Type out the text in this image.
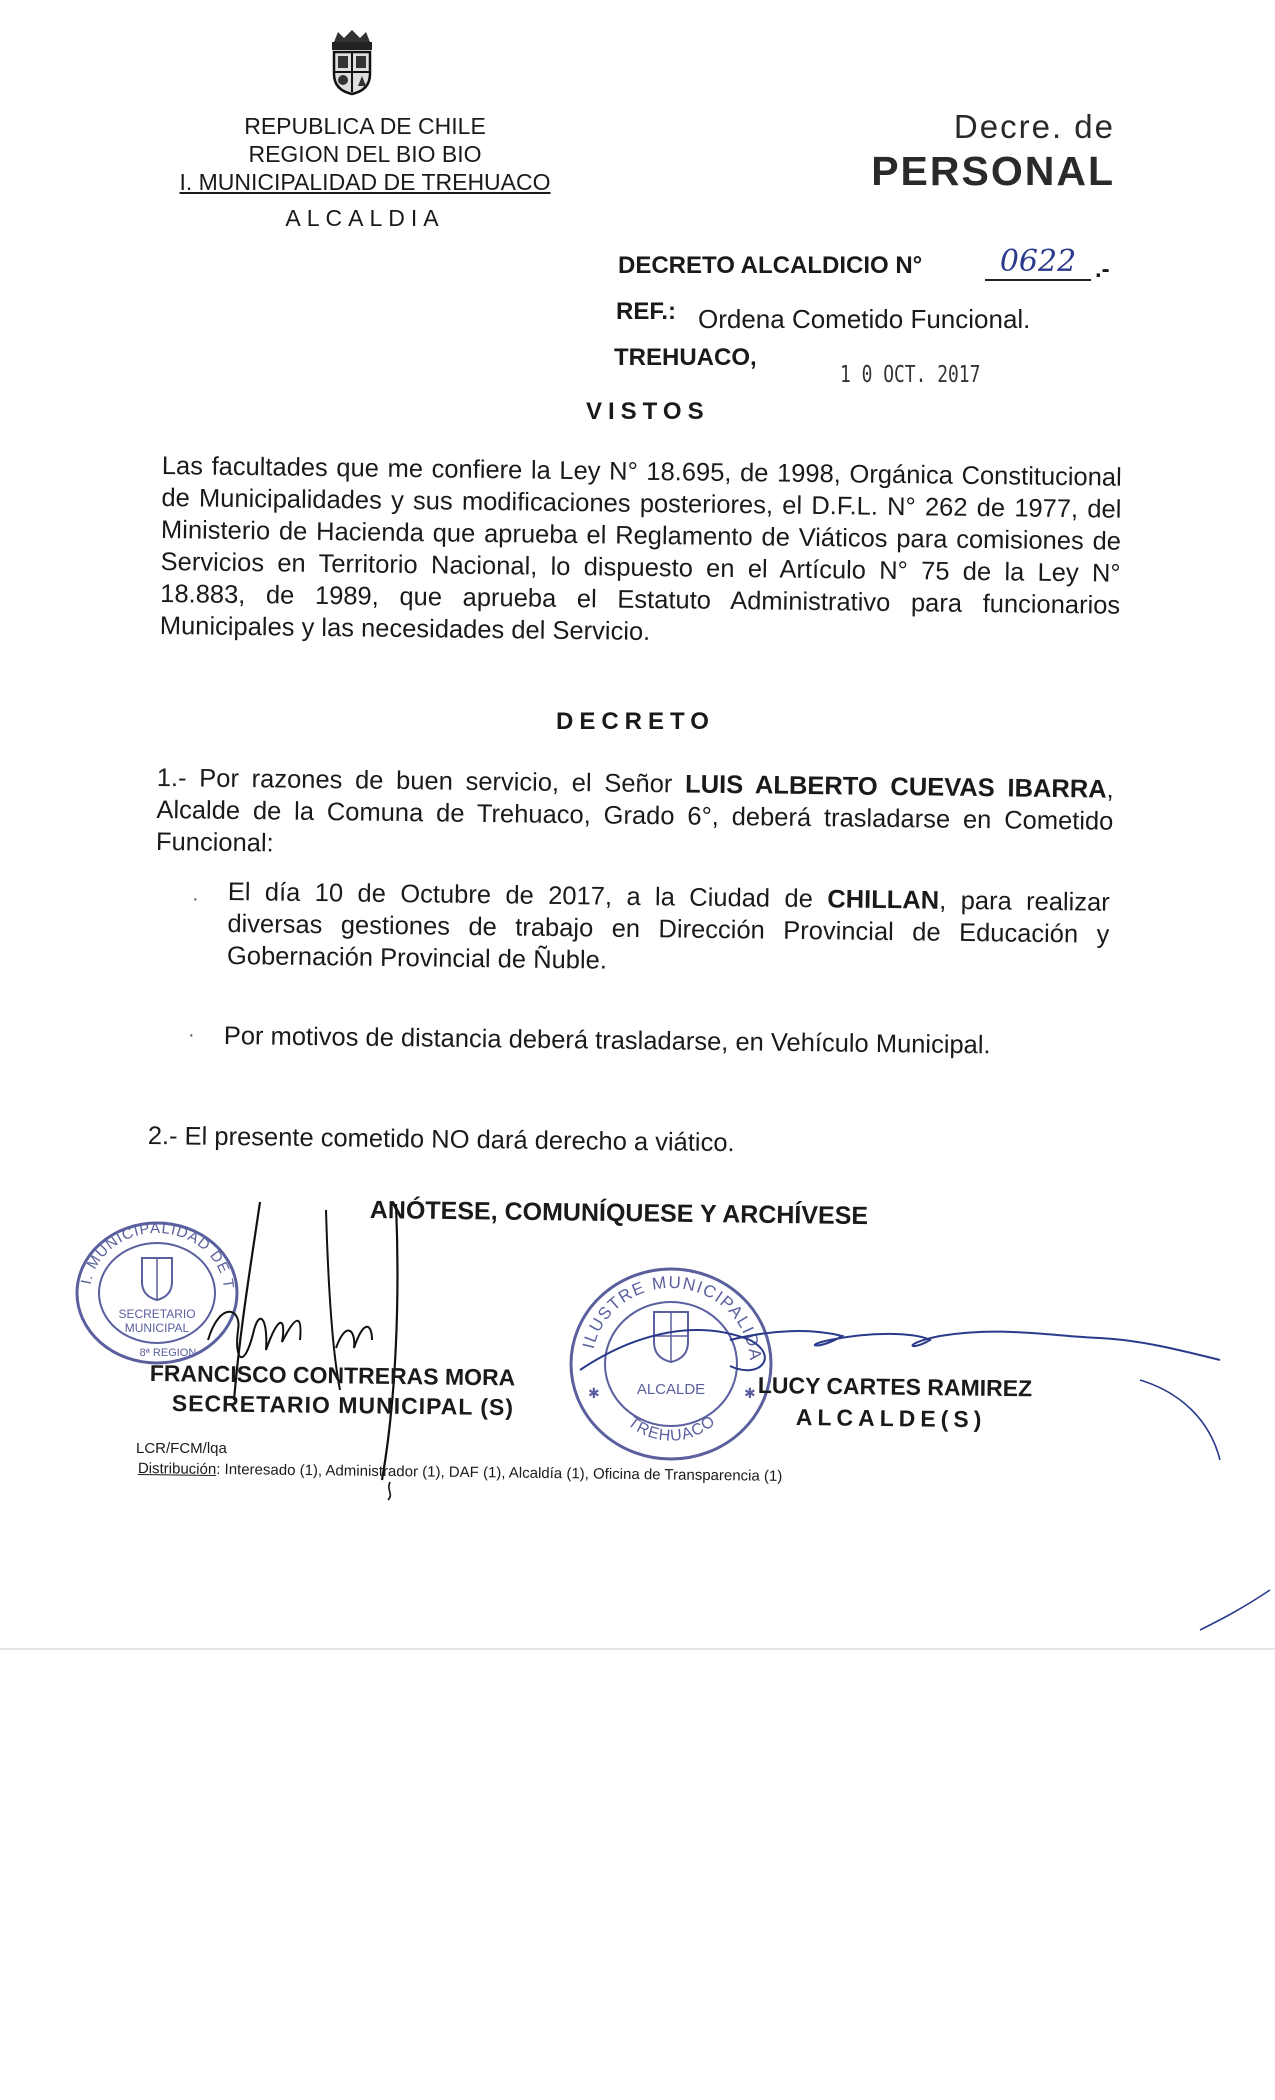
REPUBLICA DE CHILE
REGION DEL BIO BIO
I. MUNICIPALIDAD DE TREHUACO
ALCALDIA
Decre. de
PERSONAL
DECRETO ALCALDICIO N°	0622 .-
REF.: Ordena Cometido Funcional.
TREHUACO,
1 0 OCT. 2017
VISTOS
Las facultades que me confiere la Ley N° 18.695, de 1998, Orgánica Constitucional de Municipalidades y sus modificaciones posteriores, el D.F.L. N° 262 de 1977, del Ministerio de Hacienda que aprueba el Reglamento de Viáticos para comisiones de Servicios en Territorio Nacional, lo dispuesto en el Artículo N° 75 de la Ley N° 18.883, de 1989, que aprueba el Estatuto Administrativo para funcionarios Municipales y las necesidades del Servicio.
DECRETO
1.- Por razones de buen servicio, el Señor LUIS ALBERTO CUEVAS IBARRA, Alcalde de la Comuna de Trehuaco, Grado 6°, deberá trasladarse en Cometido Funcional:
· El día 10 de Octubre de 2017, a la Ciudad de CHILLAN, para realizar diversas gestiones de trabajo en Dirección Provincial de Educación y Gobernación Provincial de Ñuble.
· Por motivos de distancia deberá trasladarse, en Vehículo Municipal.
2.- El presente cometido NO dará derecho a viático.
ANÓTESE, COMUNÍQUESE Y ARCHÍVESE
I. MUNICIPALIDAD DE TREHUACO
SECRETARIO
MUNICIPAL
8ª REGION
FRANCISCO CONTRERAS MORA
SECRETARIO MUNICIPAL (S)
ILUSTRE MUNICIPALIDAD
TREHUACO
ALCALDE
✱	✱ LUCY CARTES RAMIREZ
ALCALDE(S)
LCR/FCM/lqa
Distribución: Interesado (1), Administrador (1), DAF (1), Alcaldía (1), Oficina de Transparencia (1)
